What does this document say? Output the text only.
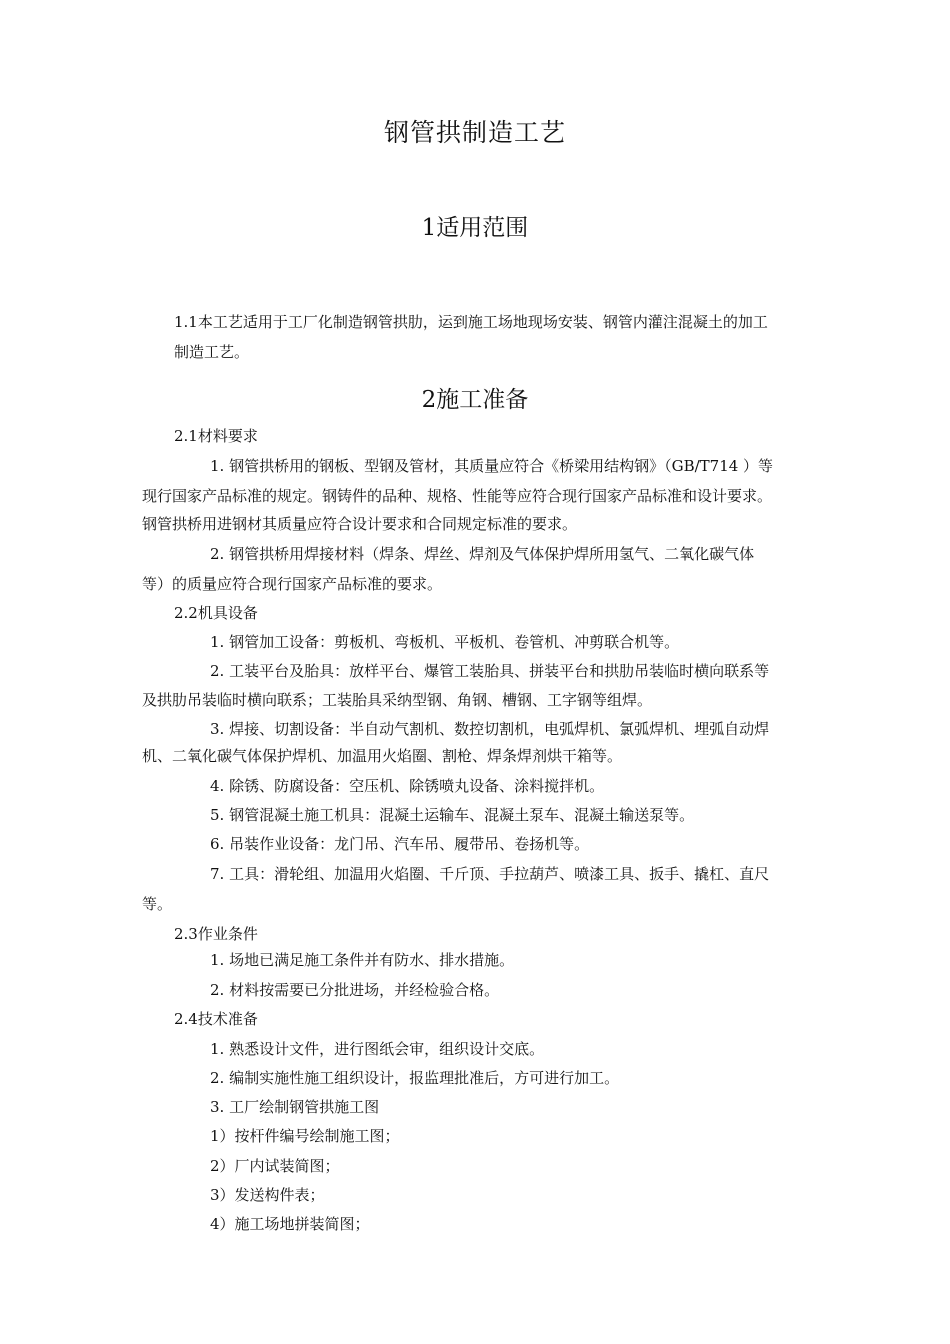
钢管拱制造工艺
1适用范围
1.1本工艺适用于工厂化制造钢管拱肋，运到施工场地现场安装、钢管内灌注混凝土的加工
制造工艺。
2施工准备
2.1材料要求
1. 钢管拱桥用的钢板、型钢及管材，其质量应符合《桥梁用结构钢》（GB/T714 ）等
现行国家产品标准的规定。钢铸件的品种、规格、性能等应符合现行国家产品标准和设计要求。
钢管拱桥用进钢材其质量应符合设计要求和合同规定标准的要求。
2. 钢管拱桥用焊接材料（焊条、焊丝、焊剂及气体保护焊所用氢气、二氧化碳气体
等）的质量应符合现行国家产品标准的要求。
2.2机具设备
1. 钢管加工设备：剪板机、弯板机、平板机、卷管机、冲剪联合机等。
2. 工装平台及胎具：放样平台、爆管工装胎具、拼装平台和拱肋吊装临时横向联系等
及拱肋吊装临时横向联系；工装胎具采纳型钢、角钢、槽钢、工字钢等组焊。
3. 焊接、切割设备：半自动气割机、数控切割机，电弧焊机、氯弧焊机、埋弧自动焊
机、二氧化碳气体保护焊机、加温用火焰圈、割枪、焊条焊剂烘干箱等。
4. 除锈、防腐设备：空压机、除锈喷丸设备、涂料搅拌机。
5. 钢管混凝土施工机具：混凝土运输车、混凝土泵车、混凝土输送泵等。
6. 吊装作业设备：龙门吊、汽车吊、履带吊、卷扬机等。
7. 工具：滑轮组、加温用火焰圈、千斤顶、手拉葫芦、喷漆工具、扳手、撬杠、直尺
等。
2.3作业条件
1. 场地已满足施工条件并有防水、排水措施。
2. 材料按需要已分批进场，并经检验合格。
2.4技术准备
1. 熟悉设计文件，进行图纸会审，组织设计交底。
2. 编制实施性施工组织设计，报监理批准后，方可进行加工。
3. 工厂绘制钢管拱施工图
1）按杆件编号绘制施工图；
2）厂内试装简图；
3）发送构件表；
4）施工场地拼装简图；
